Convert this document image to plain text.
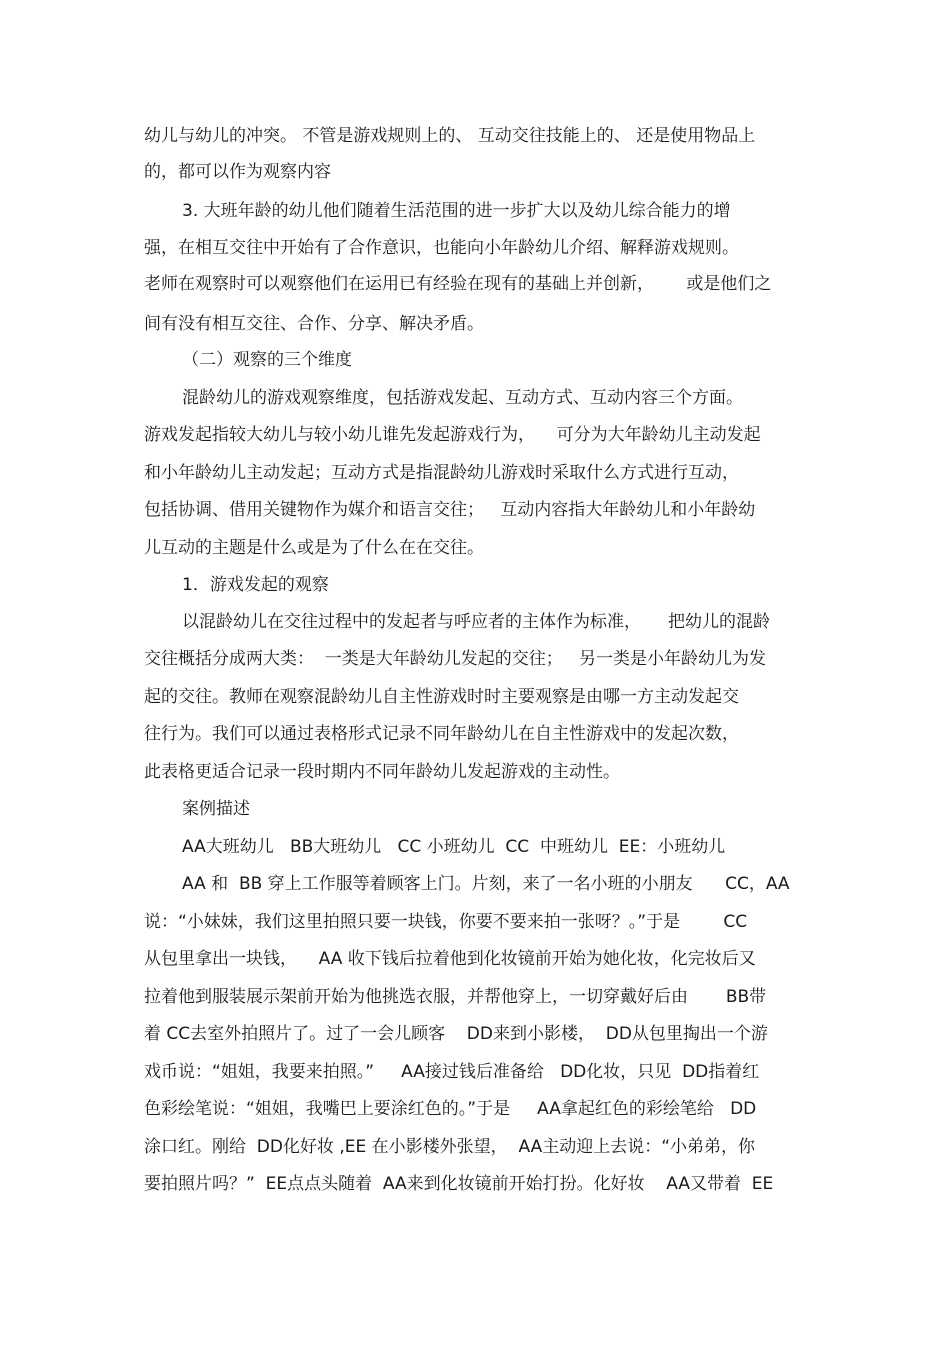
幼儿与幼儿的冲突。 不管是游戏规则上的、 互动交往技能上的、 还是使用物品上
的，都可以作为观察内容
3. 大班年龄的幼儿他们随着生活范围的进一步扩大以及幼儿综合能力的增
强，在相互交往中开始有了合作意识，也能向小年龄幼儿介绍、解释游戏规则。
老师在观察时可以观察他们在运用已有经验在现有的基础上并创新，      或是他们之
间有没有相互交往、合作、分享、解决矛盾。
（二）观察的三个维度
混龄幼儿的游戏观察维度，包括游戏发起、互动方式、互动内容三个方面。
游戏发起指较大幼儿与较小幼儿谁先发起游戏行为，    可分为大年龄幼儿主动发起
和小年龄幼儿主动发起；互动方式是指混龄幼儿游戏时采取什么方式进行互动，
包括协调、借用关键物作为媒介和语言交往；   互动内容指大年龄幼儿和小年龄幼
儿互动的主题是什么或是为了什么在在交往。
1．游戏发起的观察
以混龄幼儿在交往过程中的发起者与呼应者的主体作为标准，     把幼儿的混龄
交往概括分成两大类：  一类是大年龄幼儿发起的交往；   另一类是小年龄幼儿为发
起的交往。教师在观察混龄幼儿自主性游戏时时主要观察是由哪一方主动发起交
往行为。我们可以通过表格形式记录不同年龄幼儿在自主性游戏中的发起次数，
此表格更适合记录一段时期内不同年龄幼儿发起游戏的主动性。
案例描述
AA大班幼儿   BB大班幼儿   CC 小班幼儿  CC  中班幼儿  EE：小班幼儿
AA 和  BB 穿上工作服等着顾客上门。片刻，来了一名小班的小朋友      CC，AA
说：“小妹妹，我们这里拍照只要一块钱，你要不要来拍一张呀？。”于是        CC
从包里拿出一块钱，    AA 收下钱后拉着他到化妆镜前开始为她化妆，化完妆后又
拉着他到服装展示架前开始为他挑选衣服，并帮他穿上，一切穿戴好后由       BB带
着 CC去室外拍照片了。过了一会儿顾客    DD来到小影楼，  DD从包里掏出一个游
戏币说：“姐姐，我要来拍照。”     AA接过钱后准备给   DD化妆，只见  DD指着红
色彩绘笔说：“姐姐，我嘴巴上要涂红色的。”于是     AA拿起红色的彩绘笔给   DD
涂口红。刚给  DD化好妆 ,EE 在小影楼外张望，  AA主动迎上去说：“小弟弟，你
要拍照片吗？”  EE点点头随着  AA来到化妆镜前开始打扮。化好妆    AA又带着  EE
